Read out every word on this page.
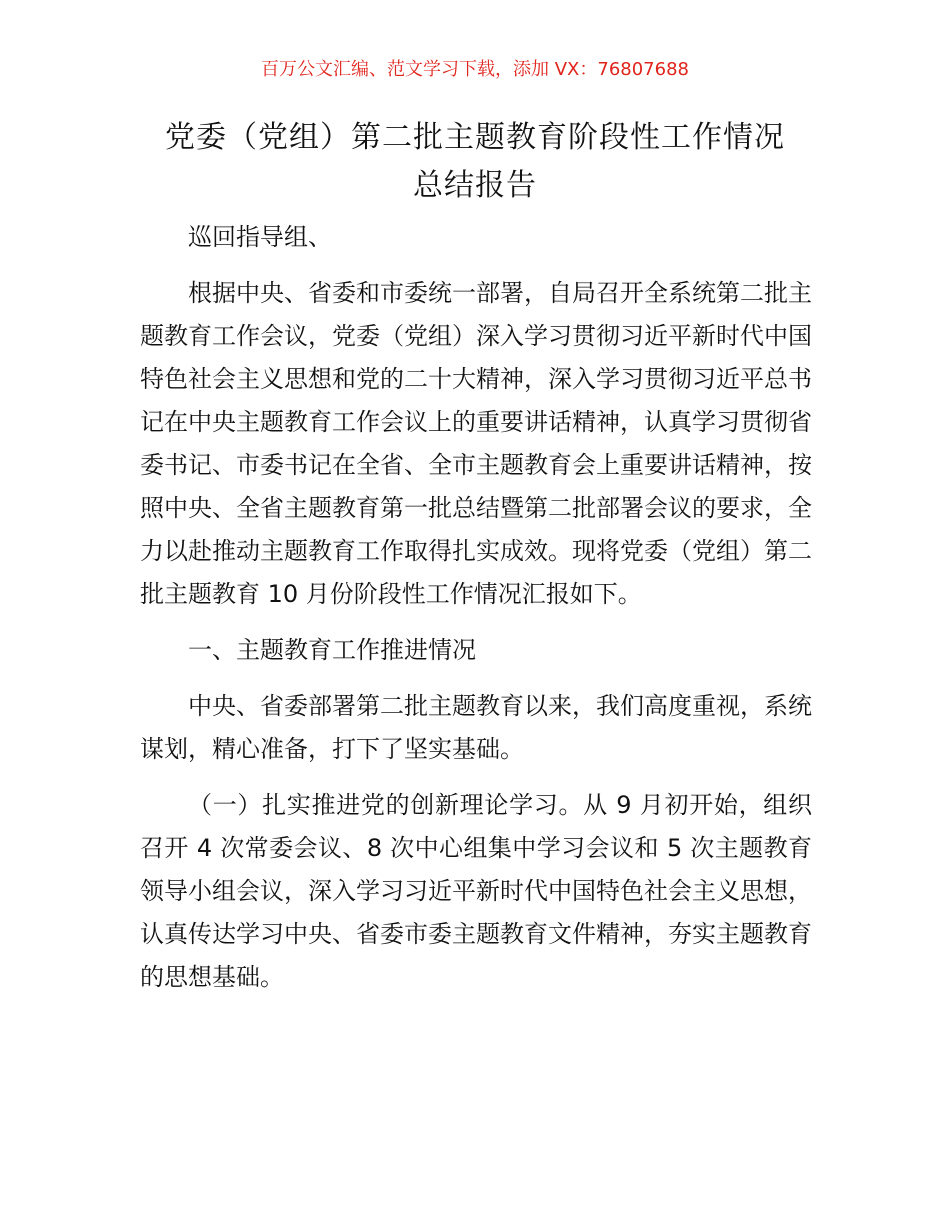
百万公文汇编、范文学习下载，添加 VX：76807688
党委（党组）第二批主题教育阶段性工作情况
总结报告

巡回指导组、

根据中央、省委和市委统一部署，自局召开全系统第二批主题教育工作会议，党委（党组）深入学习贯彻习近平新时代中国特色社会主义思想和党的二十大精神，深入学习贯彻习近平总书记在中央主题教育工作会议上的重要讲话精神，认真学习贯彻省委书记、市委书记在全省、全市主题教育会上重要讲话精神，按照中央、全省主题教育第一批总结暨第二批部署会议的要求，全力以赴推动主题教育工作取得扎实成效。现将党委（党组）第二批主题教育 10 月份阶段性工作情况汇报如下。

一、主题教育工作推进情况

中央、省委部署第二批主题教育以来，我们高度重视，系统谋划，精心准备，打下了坚实基础。

（一）扎实推进党的创新理论学习。从 9 月初开始，组织召开 4 次常委会议、8 次中心组集中学习会议和 5 次主题教育领导小组会议，深入学习习近平新时代中国特色社会主义思想，认真传达学习中央、省委市委主题教育文件精神，夯实主题教育的思想基础。
